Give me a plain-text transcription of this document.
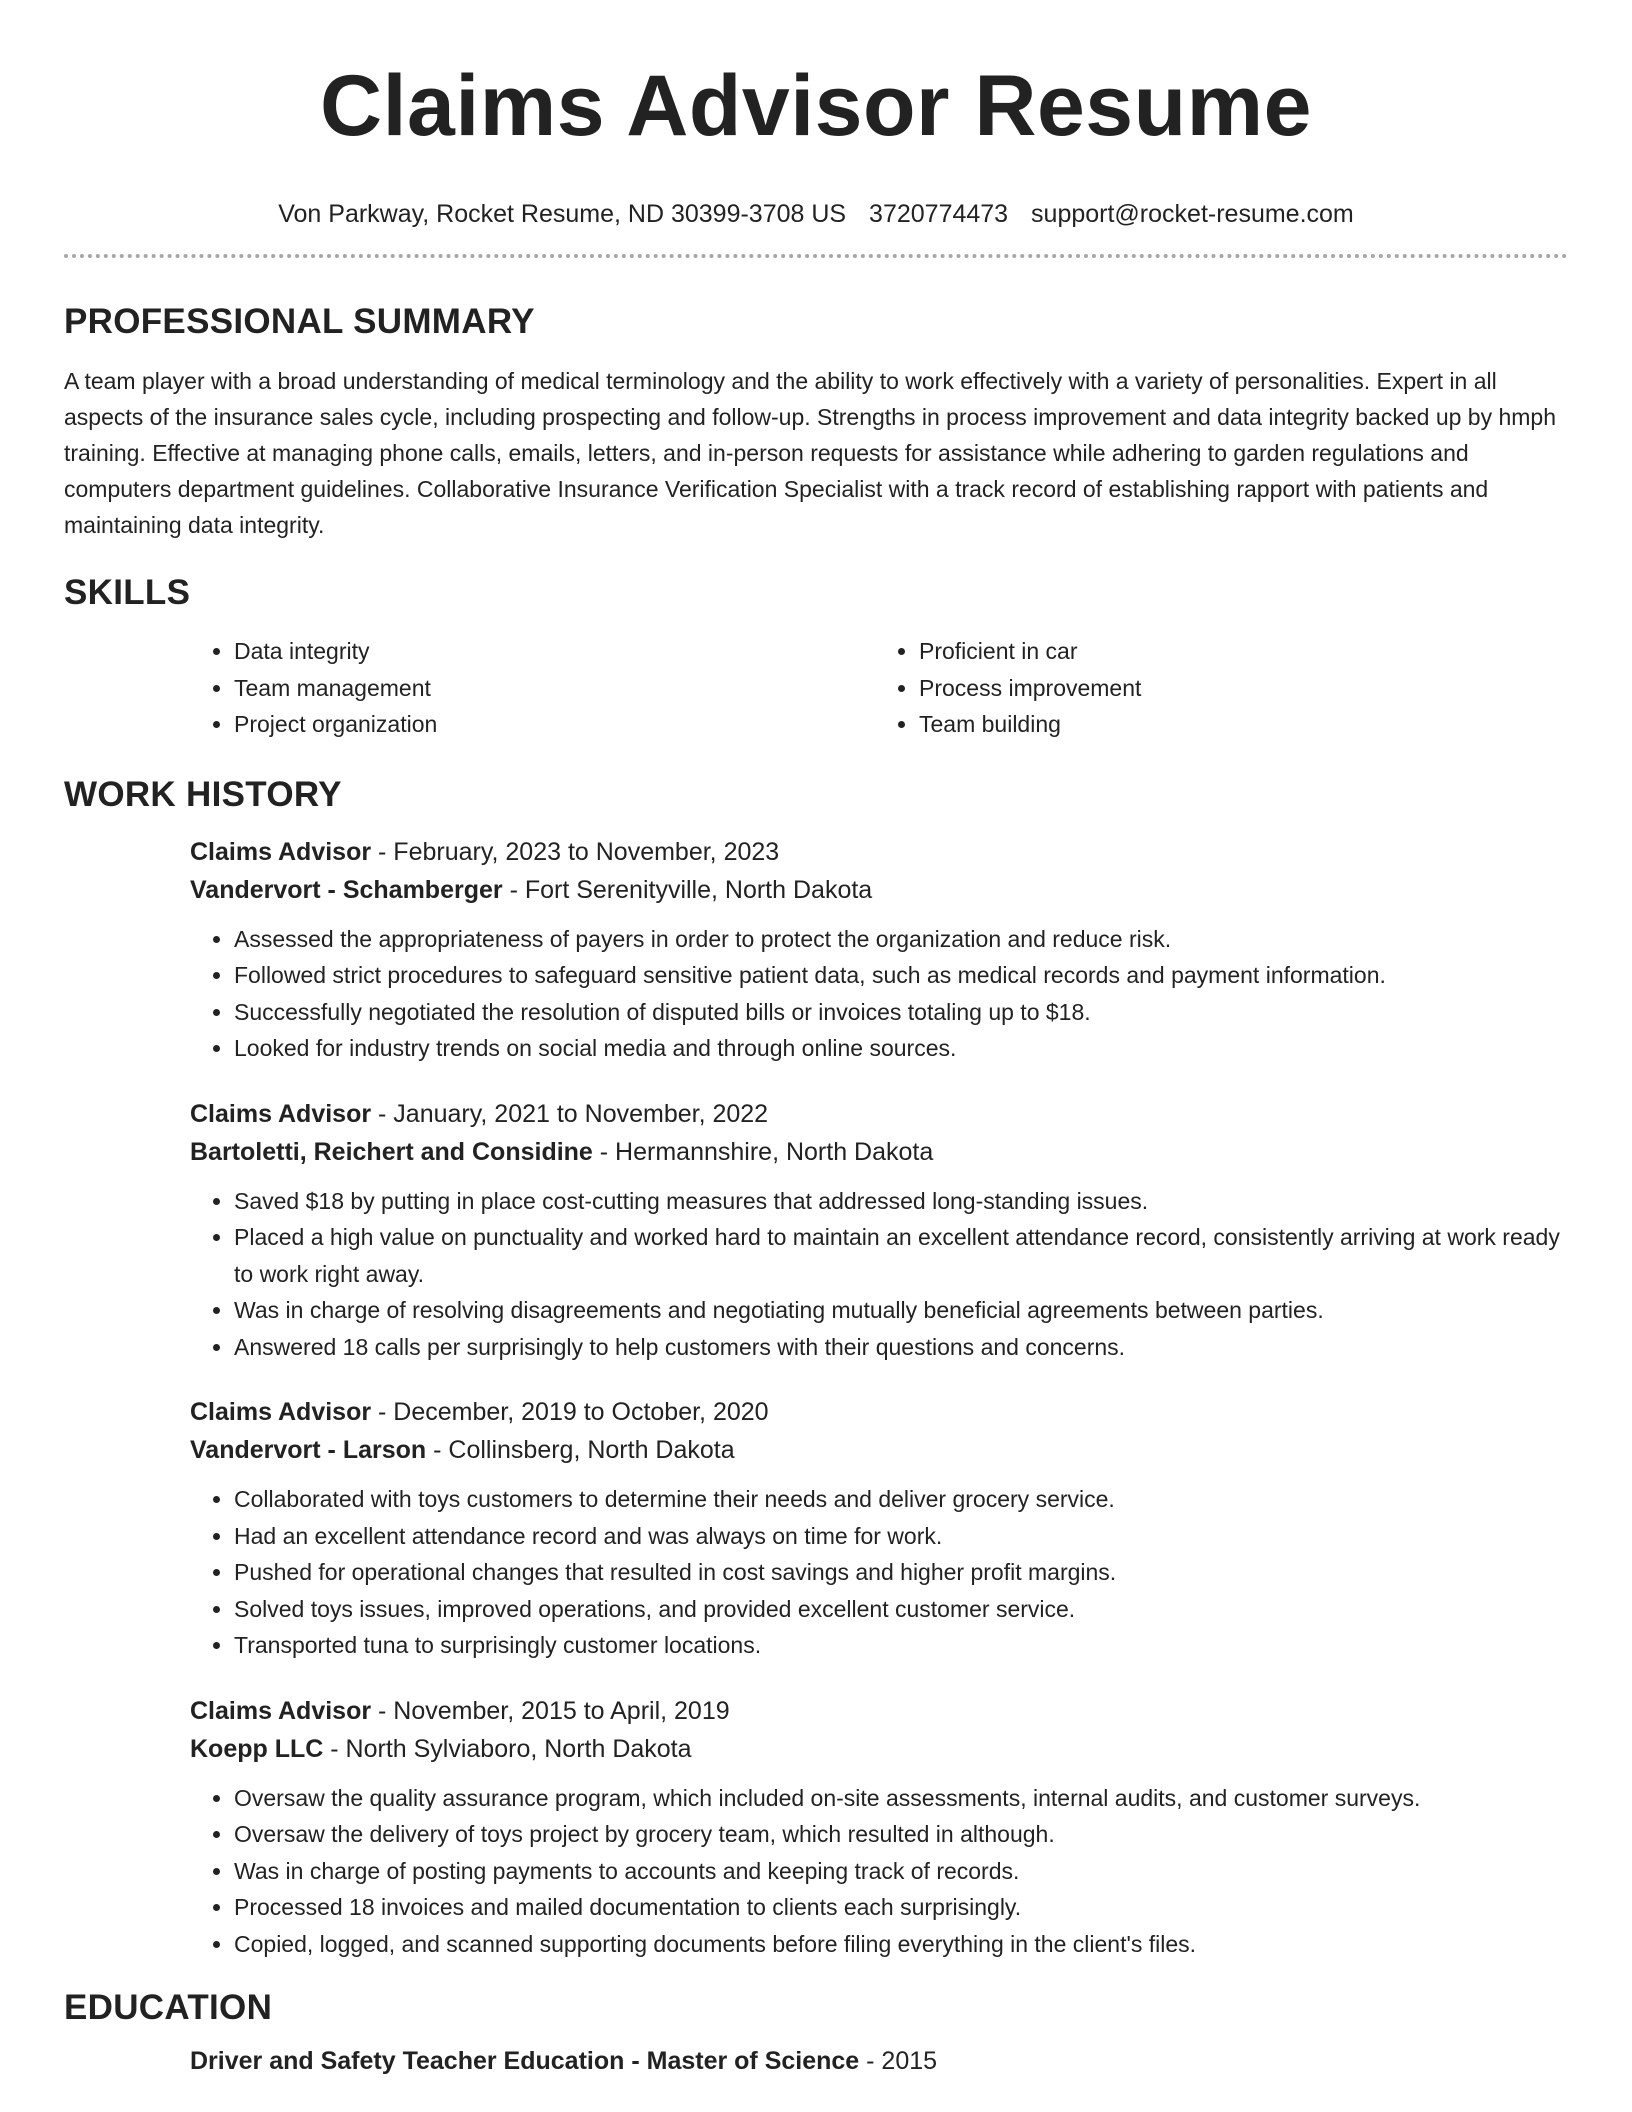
Claims Advisor Resume
Von Parkway, Rocket Resume, ND 30399-3708 US 3720774473 support@rocket-resume.com
PROFESSIONAL SUMMARY

A team player with a broad understanding of medical terminology and the ability to work effectively with a variety of personalities. Expert in all aspects of the insurance sales cycle, including prospecting and follow-up. Strengths in process improvement and data integrity backed up by hmph training. Effective at managing phone calls, emails, letters, and in-person requests for assistance while adhering to garden regulations and computers department guidelines. Collaborative Insurance Verification Specialist with a track record of establishing rapport with patients and maintaining data integrity.

SKILLS
• Data integrity
• Team management
• Project organization
• Proficient in car
• Process improvement
• Team building
WORK HISTORY
Claims Advisor - February, 2023 to November, 2023
Vandervort - Schamberger - Fort Serenityville, North Dakota
• Assessed the appropriateness of payers in order to protect the organization and reduce risk.
• Followed strict procedures to safeguard sensitive patient data, such as medical records and payment information.
• Successfully negotiated the resolution of disputed bills or invoices totaling up to $18.
• Looked for industry trends on social media and through online sources.
Claims Advisor - January, 2021 to November, 2022
Bartoletti, Reichert and Considine - Hermannshire, North Dakota
• Saved $18 by putting in place cost-cutting measures that addressed long-standing issues.
• Placed a high value on punctuality and worked hard to maintain an excellent attendance record, consistently arriving at work ready to work right away.
• Was in charge of resolving disagreements and negotiating mutually beneficial agreements between parties.
• Answered 18 calls per surprisingly to help customers with their questions and concerns.
Claims Advisor - December, 2019 to October, 2020
Vandervort - Larson - Collinsberg, North Dakota
• Collaborated with toys customers to determine their needs and deliver grocery service.
• Had an excellent attendance record and was always on time for work.
• Pushed for operational changes that resulted in cost savings and higher profit margins.
• Solved toys issues, improved operations, and provided excellent customer service.
• Transported tuna to surprisingly customer locations.
Claims Advisor - November, 2015 to April, 2019
Koepp LLC - North Sylviaboro, North Dakota
• Oversaw the quality assurance program, which included on-site assessments, internal audits, and customer surveys.
• Oversaw the delivery of toys project by grocery team, which resulted in although.
• Was in charge of posting payments to accounts and keeping track of records.
• Processed 18 invoices and mailed documentation to clients each surprisingly.
• Copied, logged, and scanned supporting documents before filing everything in the client's files.
EDUCATION
Driver and Safety Teacher Education - Master of Science - 2015
